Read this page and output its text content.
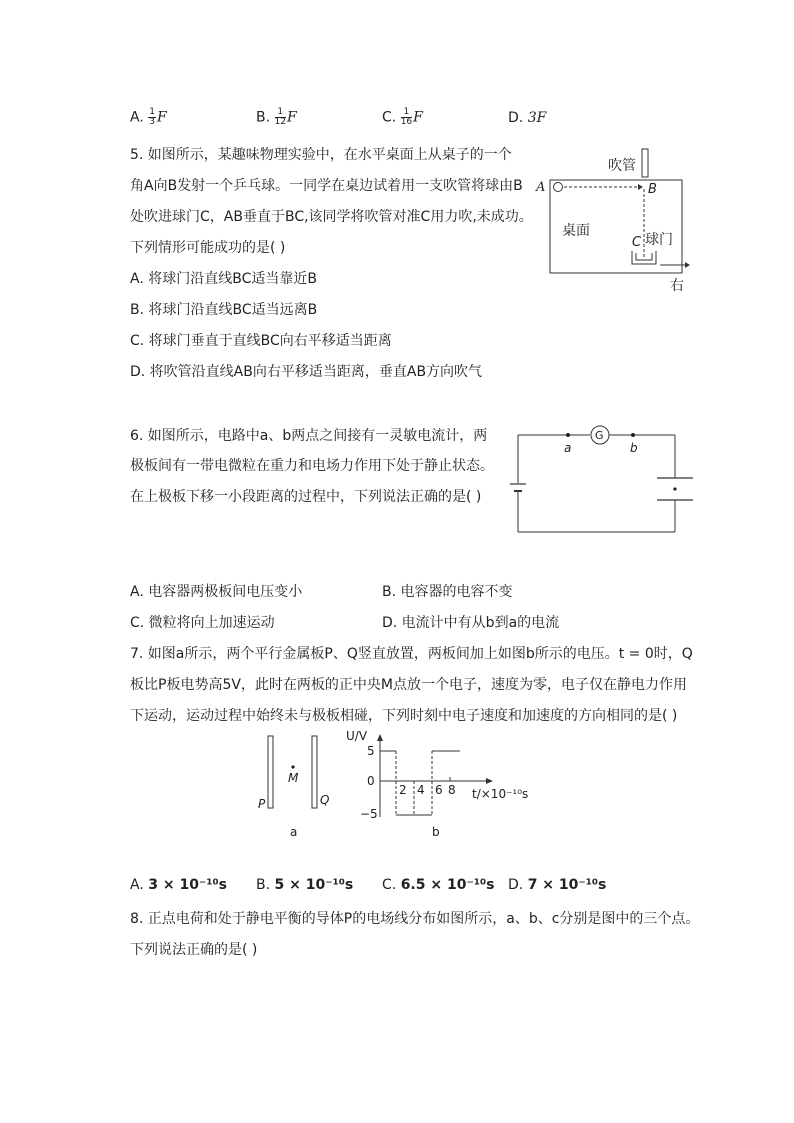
A. $\frac{1}{3}$ F	B. $\frac{1}{12}$ F	C. $\frac{1}{16}$ F	D. 3F
5. 如图所示，某趣味物理实验中，在水平桌面上从桌子的一个
角A向B发射一个乒乓球。一同学在桌边试着用一支吹管将球由B
处吹进球门C，AB垂直于BC,该同学将吹管对准C用力吹,未成功。
下列情形可能成功的是( )
A. 将球门沿直线BC适当靠近B
B. 将球门沿直线BC适当远离B
C. 将球门垂直于直线BC向右平移适当距离
D. 将吹管沿直线AB向右平移适当距离，垂直AB方向吹气
吹管
A	B
桌面
C 球门
右
6. 如图所示，电路中a、b两点之间接有一灵敏电流计，两
极板间有一带电微粒在重力和电场力作用下处于静止状态。
在上极板下移一小段距离的过程中，下列说法正确的是( )
G
a	b
A. 电容器两极板间电压变小	B. 电容器的电容不变
C. 微粒将向上加速运动	D. 电流计中有从b到a的电流
7. 如图a所示，两个平行金属板P、Q竖直放置，两板间加上如图b所示的电压。t = 0时，Q
板比P板电势高5V，此时在两板的正中央M点放一个电子，速度为零，电子仅在静电力作用
下运动，运动过程中始终未与极板相碰，下列时刻中电子速度和加速度的方向相同的是( )
M
P	Q
a
U/V
5
0
−5
2 4 6 8 t/×10⁻¹⁰s
b
A. 3 × 10⁻¹⁰s B. 5 × 10⁻¹⁰s C. 6.5 × 10⁻¹⁰s D. 7 × 10⁻¹⁰s
8. 正点电荷和处于静电平衡的导体P的电场线分布如图所示，a、b、c分别是图中的三个点。
下列说法正确的是( )
